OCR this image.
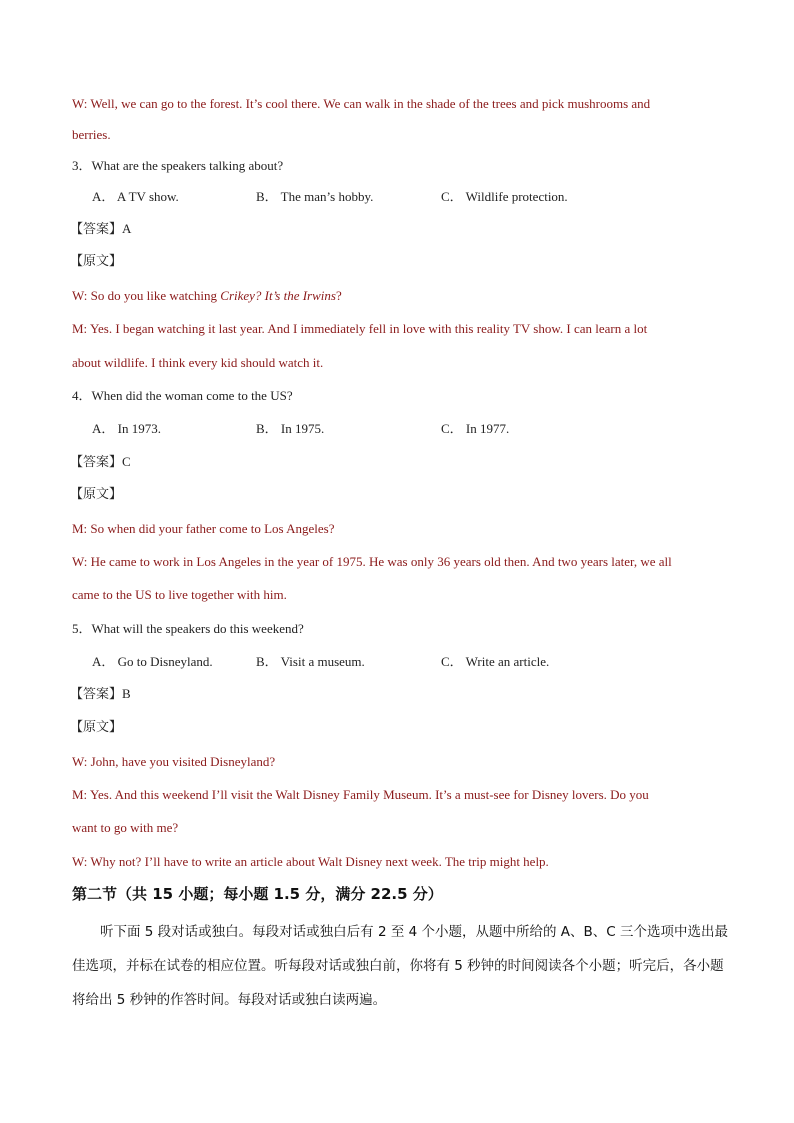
W: Well, we can go to the forest. It’s cool there. We can walk in the shade of the trees and pick mushrooms and
berries.
3．What are the speakers talking about?
A． A TV show.	B． The man’s hobby.	C． Wildlife protection.
【答案】A
【原文】
W: So do you like watching Crikey? It’s the Irwins?
M: Yes. I began watching it last year. And I immediately fell in love with this reality TV show. I can learn a lot
about wildlife. I think every kid should watch it.
4．When did the woman come to the US?
A． In 1973.	B． In 1975.	C． In 1977.
【答案】C
【原文】
M: So when did your father come to Los Angeles?
W: He came to work in Los Angeles in the year of 1975. He was only 36 years old then. And two years later, we all
came to the US to live together with him.
5．What will the speakers do this weekend?
A． Go to Disneyland.	B． Visit a museum.	C． Write an article.
【答案】B
【原文】
W: John, have you visited Disneyland?
M: Yes. And this weekend I’ll visit the Walt Disney Family Museum. It’s a must-see for Disney lovers. Do you
want to go with me?
W: Why not? I’ll have to write an article about Walt Disney next week. The trip might help.
第二节（共 15 小题；每小题 1.5 分，满分 22.5 分）
听下面 5 段对话或独白。每段对话或独白后有 2 至 4 个小题，从题中所给的 A、B、C 三个选项中选出最佳选项，并标在试卷的相应位置。听每段对话或独白前，你将有 5 秒钟的时间阅读各个小题；听完后，各小题将给出 5 秒钟的作答时间。每段对话或独白读两遍。
